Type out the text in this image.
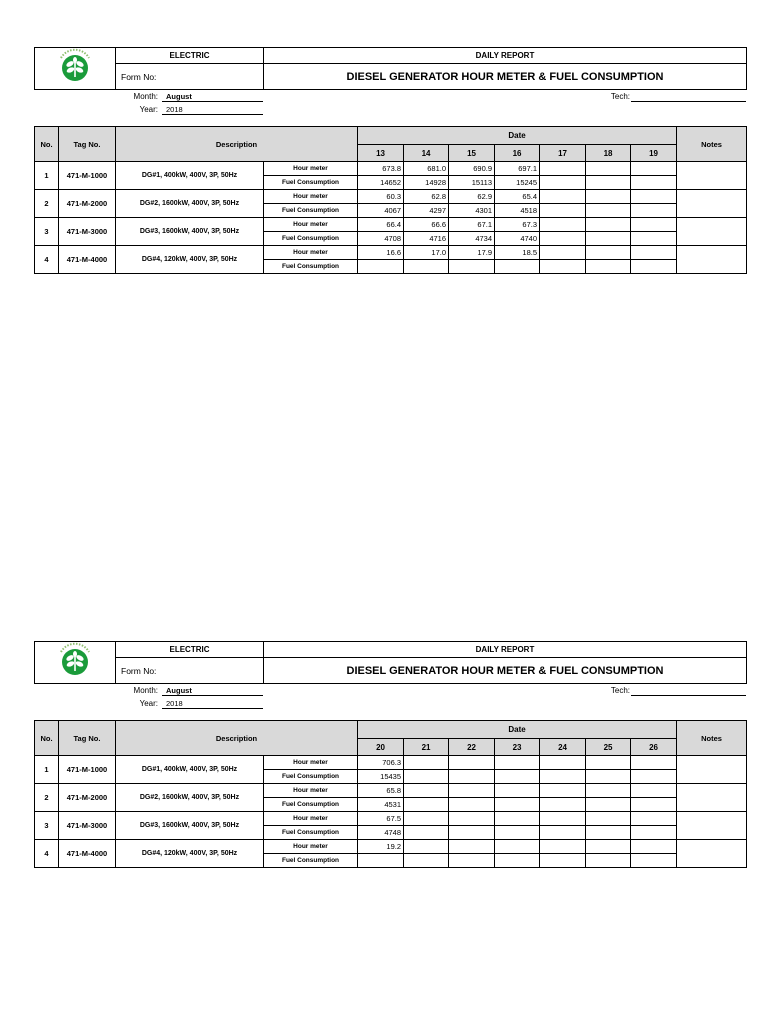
	ELECTRIC	DAILY REPORT
	Form No:	DIESEL GENERATOR HOUR METER & FUEL CONSUMPTION
Month:	August
Year:	2018
Tech:
No.	Tag No.	Description		Date							Notes
				13	14	15	16	17	18	19	
1	471-M-1000	DG#1, 400kW, 400V, 3P, 50Hz	Hour meter	673.8	681.0	690.9	697.1				
			Fuel Consumption	14652	14928	15113	15245				
2	471-M-2000	DG#2, 1600kW, 400V, 3P, 50Hz	Hour meter	60.3	62.8	62.9	65.4				
			Fuel Consumption	4067	4297	4301	4518				
3	471-M-3000	DG#3, 1600kW, 400V, 3P, 50Hz	Hour meter	66.4	66.6	67.1	67.3				
			Fuel Consumption	4708	4716	4734	4740				
4	471-M-4000	DG#4, 120kW, 400V, 3P, 50Hz	Hour meter	16.6	17.0	17.9	18.5				
			Fuel Consumption								
	ELECTRIC	DAILY REPORT
	Form No:	DIESEL GENERATOR HOUR METER & FUEL CONSUMPTION
Month:	August
Year:	2018
Tech:
No.	Tag No.	Description		Date							Notes
				20	21	22	23	24	25	26	
1	471-M-1000	DG#1, 400kW, 400V, 3P, 50Hz	Hour meter	706.3							
			Fuel Consumption	15435							
2	471-M-2000	DG#2, 1600kW, 400V, 3P, 50Hz	Hour meter	65.8							
			Fuel Consumption	4531							
3	471-M-3000	DG#3, 1600kW, 400V, 3P, 50Hz	Hour meter	67.5							
			Fuel Consumption	4748							
4	471-M-4000	DG#4, 120kW, 400V, 3P, 50Hz	Hour meter	19.2							
			Fuel Consumption								
